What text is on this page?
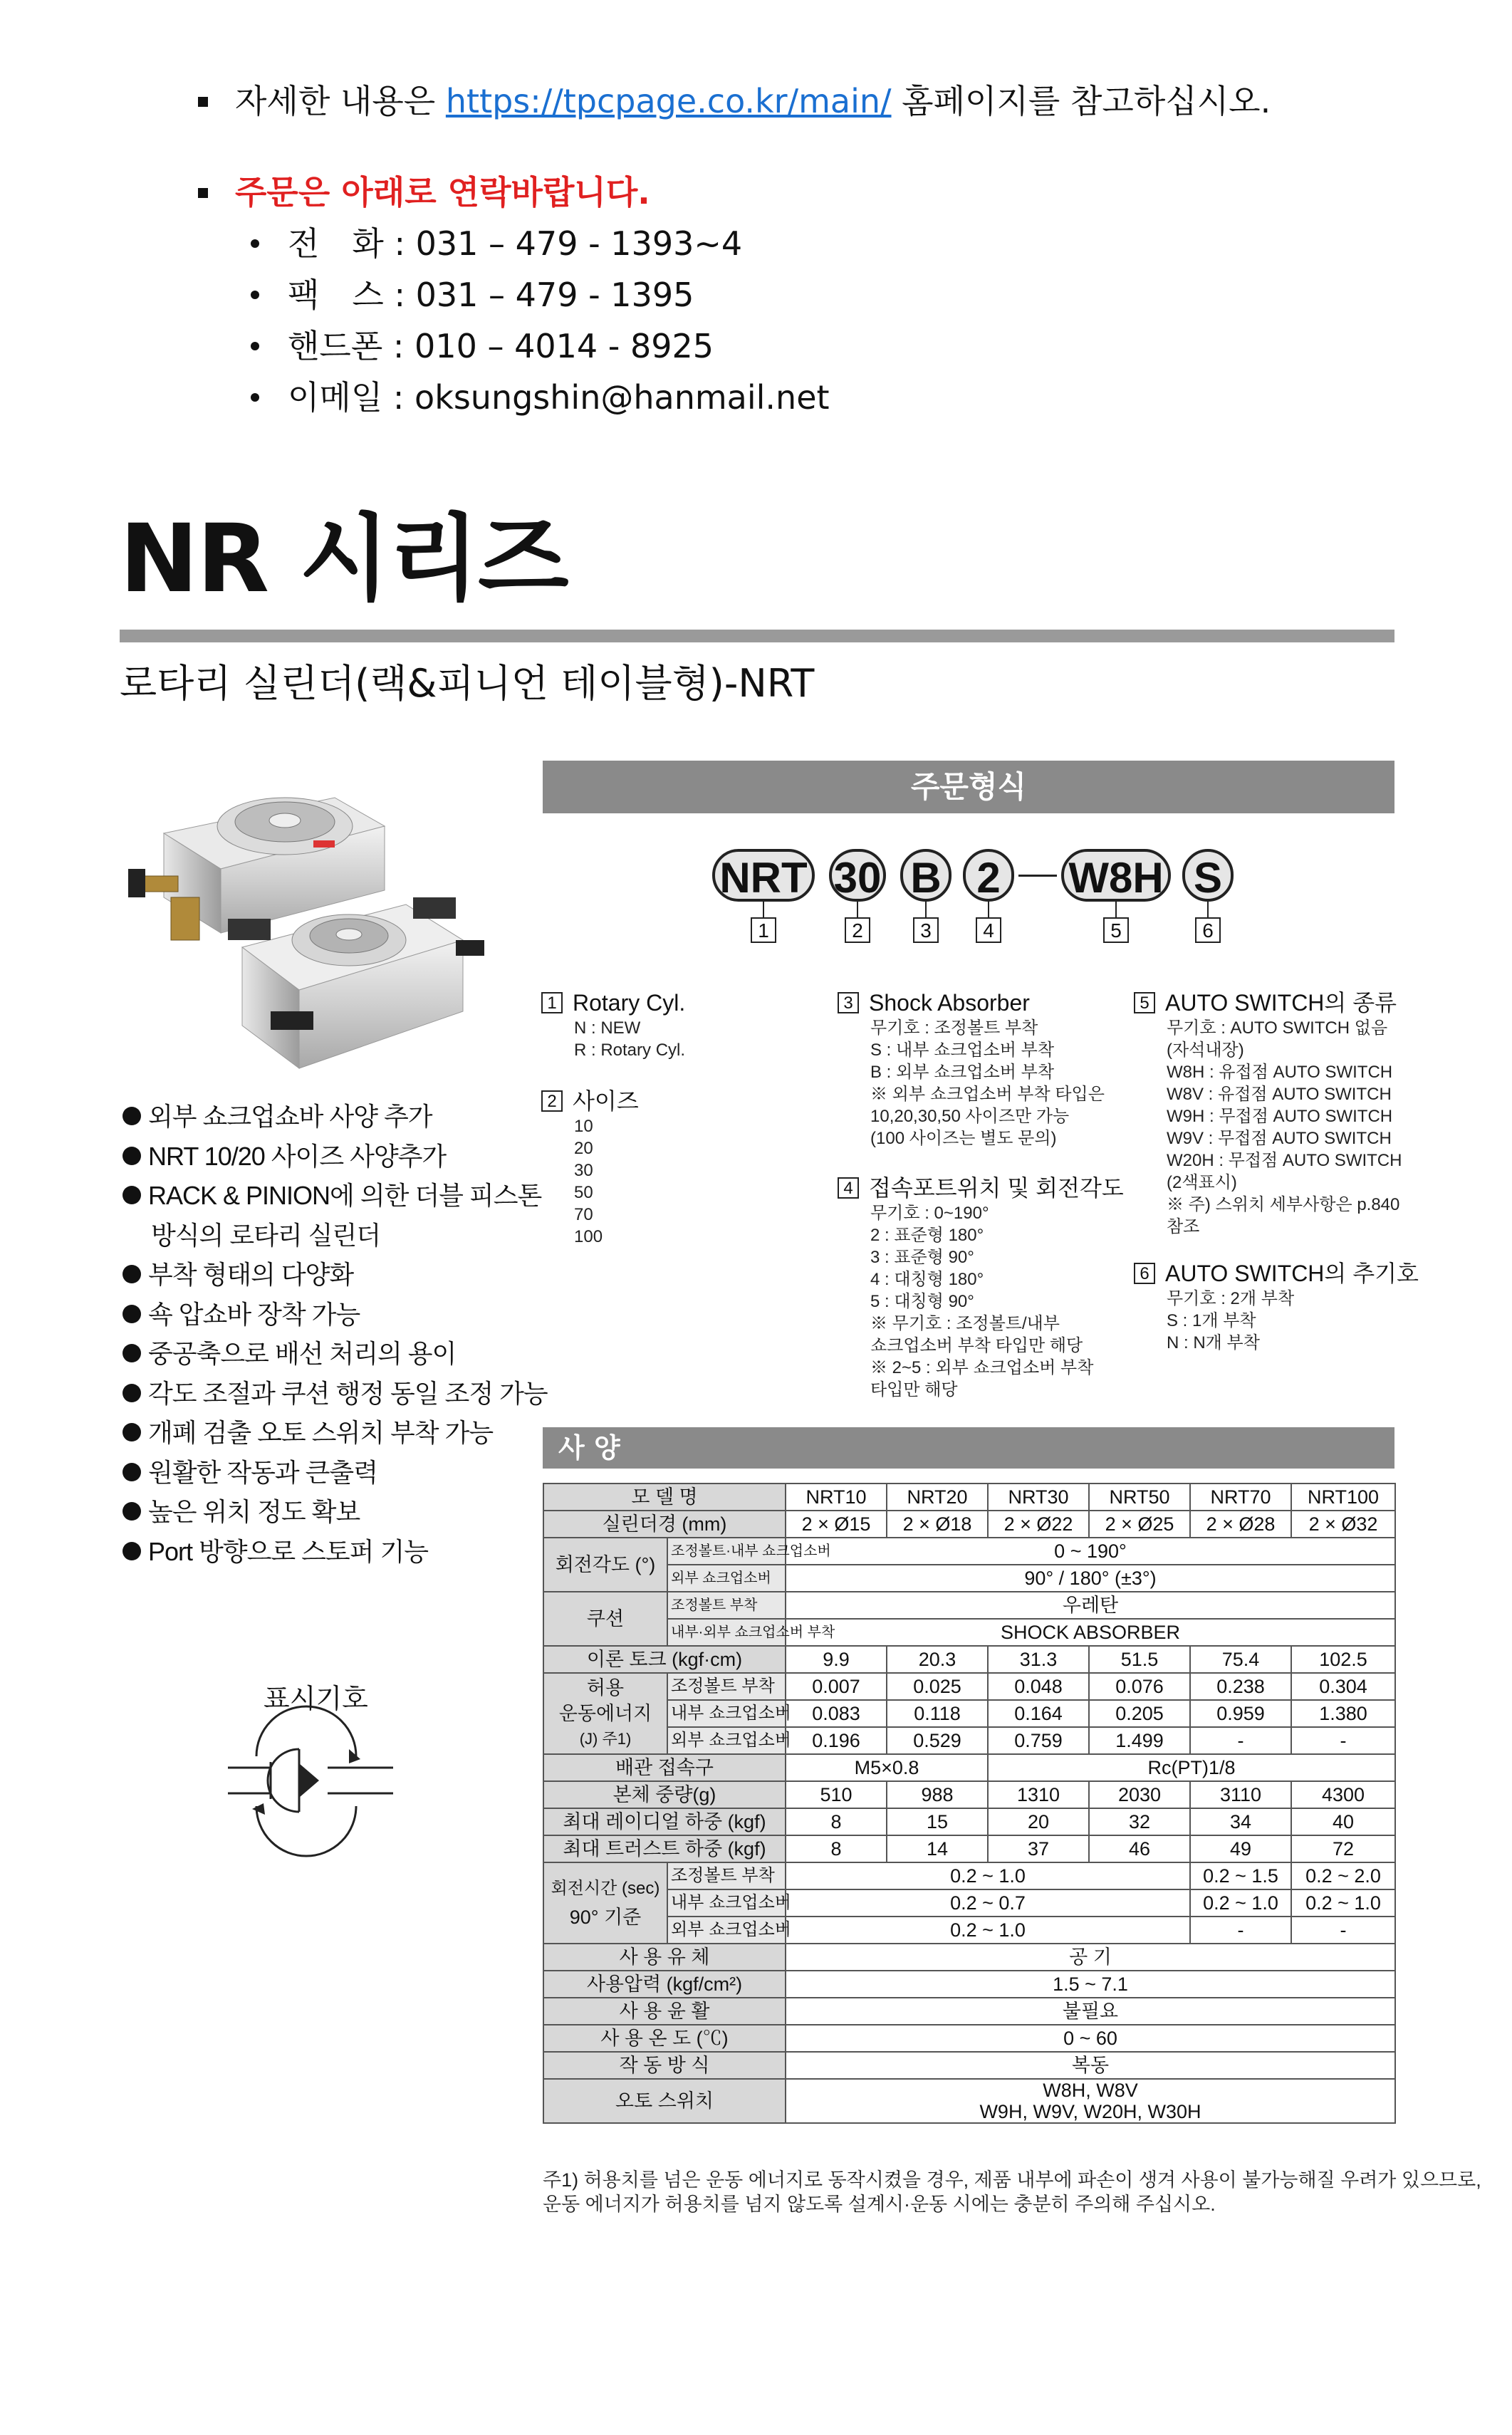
자세한 내용은 https://tpcpage.co.kr/main/ 홈페이지를 참고하십시오.
주문은 아래로 연락바랍니다.
전　화 : 031 – 479 - 1393~4
팩　스 : 031 – 479 - 1395
핸드폰 : 010 – 4014 - 8925
이메일 : oksungshin@hanmail.net
NR 시리즈
로타리 실린더(랙&피니언 테이블형)-NRT
외부 쇼크업쇼바 사양 추가
NRT 10/20 사이즈 사양추가
RACK & PINION에 의한 더블 피스톤
방식의 로타리 실린더
부착 형태의 다양화
쇽 압쇼바 장착 가능
중공축으로 배선 처리의 용이
각도 조절과 쿠션 행정 동일 조정 가능
개폐 검출 오토 스위치 부착 가능
원활한 작동과 큰출력
높은 위치 정도 확보
Port 방향으로 스토퍼 기능
표시기호
주문형식
NRT 30 B 2	W8H S
1	2	3	4	5	6
1 Rotary Cyl.
N : NEW
R : Rotary Cyl.
2 사이즈
10
20
30
50
70
100
3 Shock Absorber
무기호 : 조정볼트 부착
S : 내부 쇼크업소버 부착
B : 외부 쇼크업소버 부착
※ 외부 쇼크업소버 부착 타입은
10,20,30,50 사이즈만 가능
(100 사이즈는 별도 문의)
4 접속포트위치 및 회전각도
무기호 : 0~190°
2 : 표준형 180°
3 : 표준형 90°
4 : 대칭형 180°
5 : 대칭형 90°
※ 무기호 : 조정볼트/내부
쇼크업소버 부착 타입만 해당
※ 2~5 : 외부 쇼크업소버 부착
타입만 해당
5 AUTO SWITCH의 종류
무기호 : AUTO SWITCH 없음
(자석내장)
W8H : 유접점 AUTO SWITCH
W8V : 유접점 AUTO SWITCH
W9H : 무접점 AUTO SWITCH
W9V : 무접점 AUTO SWITCH
W20H : 무접점 AUTO SWITCH
(2색표시)
※ 주) 스위치 세부사항은 p.840
참조
6 AUTO SWITCH의 추기호
무기호 : 2개 부착
S : 1개 부착
N : N개 부착
사 양
모 델 명		NRT10	NRT20	NRT30	NRT50	NRT70	NRT100
실린더경 (mm)		2 × Ø15	2 × Ø18	2 × Ø22	2 × Ø25	2 × Ø28	2 × Ø32
회전각도 (°)	조정볼트·내부 쇼크업소버	0 ~ 190°					
	외부 쇼크업소버	90° / 180° (±3°)					
쿠션	조정볼트 부착	우레탄					
	내부·외부 쇼크업소버 부착	SHOCK ABSORBER					
이론 토크 (kgf·cm)		9.9	20.3	31.3	51.5	75.4	102.5

허용
운동에너지
(J) 주1)	조정볼트 부착	0.007	0.025	0.048	0.076	0.238	0.304
	내부 쇼크업소버	0.083	0.118	0.164	0.205	0.959	1.380
	외부 쇼크업소버	0.196	0.529	0.759	1.499	-	-
배관 접속구		M5×0.8		Rc(PT)1/8			
본체 중량(g)		510	988	1310	2030	3110	4300
최대 레이디얼 하중 (kgf)		8	15	20	32	34	40
최대 트러스트 하중 (kgf)		8	14	37	46	49	72

회전시간 (sec)
90° 기준	조정볼트 부착	0.2 ~ 1.0				0.2 ~ 1.5	0.2 ~ 2.0
	내부 쇼크업소버	0.2 ~ 0.7				0.2 ~ 1.0	0.2 ~ 1.0
	외부 쇼크업소버	0.2 ~ 1.0				-	-
사 용 유 체		공 기					
사용압력 (kgf/cm²)		1.5 ~ 7.1					
사 용 윤 활		불필요					
사 용 온 도 (℃)		0 ~ 60					
작 동 방 식		복동					
오토 스위치		W8H, W8V
W9H, W9V, W20H, W30H					
주1) 허용치를 넘은 운동 에너지로 동작시켰을 경우, 제품 내부에 파손이 생겨 사용이 불가능해질 우려가 있으므로,
운동 에너지가 허용치를 넘지 않도록 설계시·운동 시에는 충분히 주의해 주십시오.
